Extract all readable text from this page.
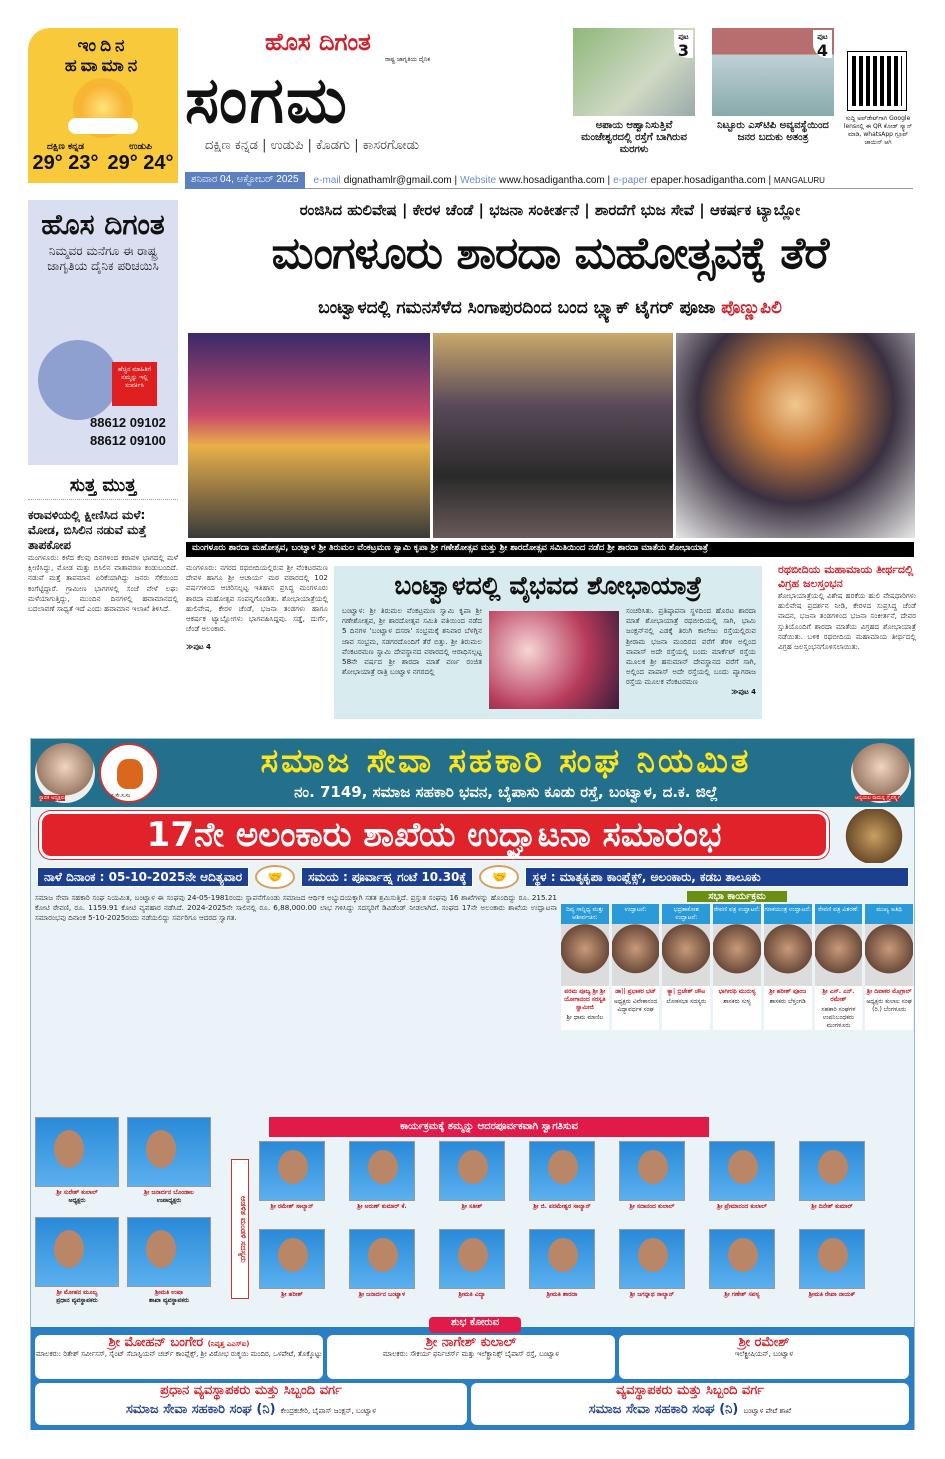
ಇಂದಿನ
ಹವಾಮಾನ
ದಕ್ಷಿಣ ಕನ್ನಡ
29° 23°
ಉಡುಪಿ
29° 24°
ಹೊಸ ದಿಗಂತ
ರಾಷ್ಟ್ರ ಜಾಗೃತಿಯ ದೈನಿಕ
ಸಂಗಮ
ದಕ್ಷಿಣ ಕನ್ನಡ | ಉಡುಪಿ | ಕೊಡಗು | ಕಾಸರಗೋಡು
ಪುಟ
3
ಅಪಾಯ ಆಹ್ವಾನಿಸುತ್ತಿವೆ ಮಂಜೇಶ್ವರದಲ್ಲಿ ರಸ್ತೆಗೆ ಬಾಗಿರುವ ಮರಗಳು
ಪುಟ
4
ನಿಟ್ಟೂರು ಎಸ್‌ಟಿಪಿ ಅವ್ಯವಸ್ಥೆಯಿಂದ ಜನರ ಬದುಕು ಅತಂತ್ರ
ಸುದ್ದಿ ಅಪ್‌ಡೇಟ್‌ಗಾಗಿ Google lensನಲ್ಲಿ ಈ QR ಕೋಡ್ ಸ್ಕ್ಯಾನ್ ಮಾಡಿ, whatsApp ಗ್ರೂಪ್ ಜಾಯಿನ್ ಆಗಿ
ಶನಿವಾರ 04, ಅಕ್ಟೋಬರ್ 2025	e-mail dignathamlr@gmail.com | Website www.hosadigantha.com | e-paper epaper.hosadigantha.com | MANGALURU
ಹೊಸ ದಿಗಂತ
ನಿಮ್ಮವರ ಮನೆಗೂ ಈ ರಾಷ್ಟ್ರ ಜಾಗೃತಿಯ ದೈನಿಕ ಪರಿಚಯಿಸಿ
ಹೆಚ್ಚಿನ ಮಾಹಿತಿಗೆ ನಮ್ಮನ್ನು ಇಲ್ಲಿ ಸಂಪರ್ಕಿಸಿ
88612 09102
88612 09100
ಸುತ್ತ ಮುತ್ತ
ಕರಾವಳಿಯಲ್ಲಿ ಕ್ಷೀಣಿಸಿದ ಮಳೆ: ಮೋಡ, ಬಿಸಿಲಿನ ನಡುವೆ ಮತ್ತೆ ತಾಪಕೋಪ

ಮಂಗಳೂರು: ಕಳೆದ ಕೆಲವು ದಿನಗಳಿಂದ ಕರಾವಳಿ ಭಾಗದಲ್ಲಿ ಮಳೆ ಕ್ಷೀಣಿಸಿದ್ದು, ಮೋಡ ಮತ್ತು ಬಿಸಿಲಿನ ವಾತಾವರಣ ಕಂಡುಬಂದಿದೆ. ನಡುವೆ ಮತ್ತೆ ತಾಪಮಾನ ಏರಿಕೆಯಾಗಿದ್ದು ಜನರು ಸೆಕೆಯಿಂದ ಕಂಗೆಟ್ಟಿದ್ದಾರೆ. ಗ್ರಾಮೀಣ ಭಾಗಗಳಲ್ಲಿ ಸಂಜೆ ವೇಳೆ ಲಘು ಮಳೆಯಾಗುತ್ತಿದ್ದು, ಮುಂದಿನ ದಿನಗಳಲ್ಲಿ ಹವಾಮಾನದಲ್ಲಿ ಬದಲಾವಣೆ ಸಾಧ್ಯತೆ ಇದೆ ಎಂದು ಹವಾಮಾನ ಇಲಾಖೆ ತಿಳಿಸಿದೆ.

ರಂಜಿಸಿದ ಹುಲಿವೇಷ | ಕೇರಳ ಚೆಂಡೆ | ಭಜನಾ ಸಂಕೀರ್ತನೆ | ಶಾರದೆಗೆ ಭುಜ ಸೇವೆ | ಆಕರ್ಷಕ ಟ್ಯಾಬ್ಲೋ
ಮಂಗಳೂರು ಶಾರದಾ ಮಹೋತ್ಸವಕ್ಕೆ ತೆರೆ
ಬಂಟ್ವಾಳದಲ್ಲಿ ಗಮನಸೆಳೆದ ಸಿಂಗಾಪುರದಿಂದ ಬಂದ ಬ್ಲ್ಯಾಕ್ ಟೈಗರ್ ಪೂಜಾ ಪೊಣ್ಣುಪಿಲಿ
ಮಂಗಳೂರು ಶಾರದಾ ಮಹೋತ್ಸವ, ಬಂಟ್ವಾಳ ಶ್ರೀ ತಿರುಮಲ ವೆಂಕಟ್ರಮಣ ಸ್ವಾಮಿ ಕೃಪಾ ಶ್ರೀ ಗಣೇಶೋತ್ಸವ ಮತ್ತು ಶ್ರೀ ಶಾರದೋತ್ಸವ ಸಮಿತಿಯಿಂದ ನಡೆದ ಶ್ರೀ ಶಾರದಾ ಮಾತೆಯ ಶೋಭಾಯಾತ್ರೆ

ಮಂಗಳೂರು: ನಗರದ ರಥಬೀದಿಯಲ್ಲಿರುವ ಶ್ರೀ ವೆಂಕಟರಮಣ ದೇವಳ ಹಾಗೂ ಶ್ರೀ ಆಚಾರ್ಯ ಮಠ ವಠಾರದಲ್ಲಿ 102 ವರ್ಷಗಳಿಂದ ಆಚರಿಸಲ್ಪಟ್ಟ ಇತಿಹಾಸ ಪ್ರಸಿದ್ಧ ಮಂಗಳೂರು ಶಾರದಾ ಮಹೋತ್ಸವ ಸಂಪನ್ನಗೊಂಡಿತು. ಶೋಭಾಯಾತ್ರೆಯಲ್ಲಿ ಹುಲಿವೇಷ, ಕೇರಳ ಚೆಂಡೆ, ಭಜನಾ ತಂಡಗಳು ಹಾಗೂ ಆಕರ್ಷಕ ಟ್ಯಾಬ್ಲೋಗಳು ಭಾಗವಹಿಸಿದ್ದವು. ಸಡ್ಡೆ, ದುರ್ಗೆ, ಚೆಂಡೆ ಅಲಂಕಾರ.

≫ಪುಟ 4
ಬಂಟ್ವಾಳದಲ್ಲಿ ವೈಭವದ ಶೋಭಾಯಾತ್ರೆ

ಬಂಟ್ವಾಳ: ಶ್ರೀ ತಿರುಮಲ ವೆಂಕಟ್ರಮಣ ಸ್ವಾಮಿ ಕೃಪಾ ಶ್ರೀ ಗಣೇಶೋತ್ಸವ, ಶ್ರೀ ಶಾರದೋತ್ಸವ ಸಮಿತಿ ವತಿಯಿಂದ ನಡೆದ 5 ದಿನಗಳ 'ಬಂಟ್ವಾಳ ದಸರಾ' ಸಂಭ್ರಮಕ್ಕೆ ಶನಿವಾರ ಬೆಳಗ್ಗಿನ ಜಾವ ಸಂಭ್ರಮ, ಸಡಗರದೊಂದಿಗೆ ತೆರೆ ಬಿತ್ತು. ಶ್ರೀ ತಿರುಮಲ ವೆಂಕಟರಮಣ ಸ್ವಾಮಿ ದೇವಸ್ಥಾನದ ವಠಾರದಲ್ಲಿ ಆರಾಧಿಸಲ್ಪಟ್ಟ 58ನೇ ವರ್ಷದ ಶ್ರೀ ಶಾರದಾ ಮಾತೆ ವರ್ಣ ರಂಜಿತ ಶೋಭಾಯಾತ್ರೆ ರಾತ್ರಿ ಬಂಟ್ವಾಳ ನಗರದಲ್ಲಿ

ಸಂಚರಿಸಿತು. ಪ್ರತಿಷ್ಠಾಪನಾ ಸ್ಥಳದಿಂದ ಹೊರಟ ಶಾರದಾ ಮಾತೆ ಶೋಭಾಯಾತ್ರೆ ರಥಬೀದಿಯಲ್ಲಿ ಸಾಗಿ, ಭಾಮಿ ಜಂಕ್ಷನ್‌ನಲ್ಲಿ ಎಡಕ್ಕೆ ತಿರುಗಿ ಕಾಲೇಜು ರಸ್ತೆಯಲ್ಲಿರುವ ಶ್ರೀರಾಮ ಭಜನಾ ಮಂದಿರದ ವರೆಗೆ ತೆರಳಿ ಅಲ್ಲಿಂದ ವಾಪಾಸ್ ಅದೇ ರಸ್ತೆಯಲ್ಲಿ ಬಂದು ಮಾರ್ಕೆಟ್ ರಸ್ತೆಯ ಮೂಲಕ ಶ್ರೀ ಹನುಮಾನ್ ದೇವಸ್ಥಾನದ ವರೆಗೆ ಸಾಗಿ, ಅಲ್ಲಿಂದ ವಾಪಾಸ್ ಅದೇ ರಸ್ತೆಯಲ್ಲಿ ಬಂದು ಪ್ಯಾಗರಾಜ ರಸ್ತೆಯ ಮೂಲಕ ವೆಂಕಟರಮಣ

≫ಪುಟ 4
ರಥಬೀದಿಯ ಮಹಾಮಾಯ ತೀರ್ಥದಲ್ಲಿ ವಿಗ್ರಹ ಜಲಸ್ತಂಭನ

ಶೋಭಾಯಾತ್ರೆಯಲ್ಲಿ ವಿಶೇಷ ಹರಕೆಯ ಹುಲಿ ವೇಷಧಾರಿಗಳು ಹುಲಿವೇಷ ಪ್ರದರ್ಶನ ನೀಡಿ, ಕೇರಳದ ಸುಪ್ರಸಿದ್ಧ ಚೆಂಡೆ ವಾದನ, ಭಜನಾ ತಂಡಗಳಿಂದ ಭಜನಾ ಸಂಕೀರ್ತನೆ, ದೇವರ ಸ್ತುತಿಯೊಂದಿಗೆ ಶಾರದಾ ಮಾತೆಯ ವಿಗ್ರಹದ ಶೋಭಾಯಾತ್ರೆ ನಡೆಯಿತು. ಬಳಿಕ ರಥಬೀದಿಯ ಮಹಾಮಾಯ ತೀರ್ಥದಲ್ಲಿ ವಿಗ್ರಹ ಜಲಸ್ತಂಭನಗೊಳಿಸಲಾಯಿತು.

ಸ್ಥಾಪಕ ಅಧ್ಯಕ್ಷರು	ಸ.ಸೇ.ಸ.ಸಂ
ಸಮಾಜ ಸೇವಾ ಸಹಕಾರಿ ಸಂಘ ನಿಯಮಿತ
ನಂ. 7149, ಸಮಾಜ ಸಹಕಾರಿ ಭವನ, ಬೈಪಾಸು ಕೂಡು ರಸ್ತೆ, ಬಂಟ್ವಾಳ, ದ.ಕ. ಜಿಲ್ಲೆ	ಆದ್ಯಯಲ ರಾಮನ್ನ ಗ್ರೈನರ್ಸ್ಕ್ಸ
17ನೇ ಅಲಂಕಾರು ಶಾಖೆಯ ಉದ್ಘಾಟನಾ ಸಮಾರಂಭ
ನಾಳೆ ದಿನಾಂಕ : 05-10-2025ನೇ ಆದಿತ್ಯವಾರ	🤝	ಸಮಯ : ಪೂರ್ವಾಹ್ನ ಗಂಟೆ 10.30ಕ್ಕೆ	🤝	ಸ್ಥಳ : ಮಾತೃಕೃಪಾ ಕಾಂಪ್ಲೆಕ್ಸ್, ಅಲಂಕಾರು, ಕಡಬ ತಾಲೂಕು

ಸಮಾಜ ಸೇವಾ ಸಹಕಾರಿ ಸಂಘ ನಿಯಮಿತ, ಬಂಟ್ವಾಳ ಈ ಸಂಘವು 24-05-1981ರಂದು ಸ್ಥಾಪನೆಗೊಂಡು ಸಮಾಜದ ಆರ್ಥಿಕ ಅಭ್ಯುದಯಕ್ಕಾಗಿ ಸತತ ಶ್ರಮಿಸುತ್ತಿದೆ. ಪ್ರಸ್ತುತ ಸಂಘವು 16 ಶಾಖೆಗಳನ್ನು ಹೊಂದಿದ್ದು ರೂ. 215.21 ಕೋಟಿ ಠೇವಣಿ, ರೂ. 1159.91 ಕೋಟಿ ವ್ಯವಹಾರ ನಡೆಸಿದೆ. 2024-2025ನೇ ಸಾಲಿನಲ್ಲಿ ರೂ. 6,88,000.00 ಲಾಭ ಗಳಿಸಿದ್ದು ಸದಸ್ಯರಿಗೆ ಡಿವಿಡೆಂಡ್ ನೀಡಲಾಗಿದೆ. ಸಂಘದ 17ನೇ ಅಲಂಕಾರು ಶಾಖೆಯ ಉದ್ಘಾಟನಾ ಸಮಾರಂಭವು ದಿನಾಂಕ 5-10-2025ರಂದು ನಡೆಯಲಿದ್ದು ಸರ್ವರಿಗೂ ಆದರದ ಸ್ವಾಗತ.

ಸಭಾ ಕಾರ್ಯಕ್ರಮ
ದಿವ್ಯ ಸಾನ್ನಿಧ್ಯ ಮತ್ತು ಆಶೀರ್ವಚನ:
ಪರಮ ಪೂಜ್ಯ ಶ್ರೀ ಶ್ರೀ ಯೋಗಾನಂದ ಸರಸ್ವತಿ ಸ್ವಾಮೀಜಿ
ಶ್ರೀ ಧಾಮ ಮಾಣಿಲ
ಉದ್ಘಾಟನೆ:
ಡಾ|| ಪ್ರಭಾಕರ ಭಟ್
ಅಧ್ಯಕ್ಷರು ವಿವೇಕಾನಂದ ವಿದ್ಯಾವರ್ಧಕ ಸಂಘ
ಭದ್ರತಾಕೋಶ ಉದ್ಘಾಟನೆ:
ಕ್ಯಾ| ಬ್ರಿಜೇಶ್ ಚೌಟ
ಲೋಕಸಭಾ ಸದಸ್ಯರು
ಠೇವಣಿ ಪತ್ರ ಉದ್ಘಾಟನೆ:
ಭಾಗೀರಥಿ ಮುರುಳ್ಯ
ಶಾಸಕರು ಸುಳ್ಯ
ಗಣಕಯಂತ್ರ ಉದ್ಘಾಟನೆ:
ಶ್ರೀ ಹರೀಶ್ ಪೂಂಜ
ಶಾಸಕರು ಬೆಳ್ತಂಗಡಿ
ಠೇವಣಿ ಪತ್ರ ವಿತರಣೆ:
ಶ್ರೀ ಎಸ್. ಎನ್. ರಮೇಶ್
ಸಹಕಾರಿ ಸಂಘಗಳ ಉಪನಿಬಂಧಕರು ಮಂಗಳೂರು
ಮುಖ್ಯ ಅತಿಥಿ
ಶ್ರೀ ದಿವಾಕರ ಮೊಗ್ರಾಲ್
ಅಧ್ಯಕ್ಷರು ಕುಲಾಲ ಸಂಘ (ರಿ.) ಬೆಂಗಳೂರು
ಶ್ರೀ ಸುರೇಶ್ ಕುಲಾಲ್
ಅಧ್ಯಕ್ಷರು
ಶ್ರೀ ಜನಾರ್ದನ ಬೊಂಡಾಲ
ಉಪಾಧ್ಯಕ್ಷರು
ಶ್ರೀ ಮೋಹನ ಮೂಲ್ಯ
ಪ್ರಧಾನ ವ್ಯವಸ್ಥಾಪಕರು
ಶ್ರೀಮತಿ ಉಷಾ
ಶಾಖಾ ವ್ಯವಸ್ಥಾಪಕರು
ಕಾರ್ಯಕ್ರಮಕ್ಕೆ ತಮ್ಮನ್ನು ಆದರಪೂರ್ವಕವಾಗಿ ಸ್ವಾಗತಿಸುವ
ಆಡಳಿತ ಮಂಡಳಿ ಸದಸ್ಯರು	ಶ್ರೀ ರಮೇಶ್ ಸಾಲ್ಯಾನ್	ಶ್ರೀ ಅರುಣ್ ಕುಮಾರ್ ಕೆ.	ಶ್ರೀ ಸತೀಶ್	ಶ್ರೀ ಜಿ. ಪರಮೇಶ್ವರ ಸಾಲ್ಯಾನ್	ಶ್ರೀ ಸದಾನಂದ ಕುಲಾಲ್	ಶ್ರೀ ಪ್ರೇಮಾನಂದ ಕುಲಾಲ್	ಶ್ರೀ ದಿನೇಶ್ ಕುಮಾರ್
ಶ್ರೀ ಹರೀಶ್	ಶ್ರೀ ಜನಾರ್ದನ ಬಂಟ್ವಾಳ	ಶ್ರೀಮತಿ ವಿದ್ಯಾ	ಶ್ರೀಮತಿ ಶಾರದಾ	ಶ್ರೀ ಜಗನ್ನಾಥ ಸಾಲ್ಯಾನ್	ಶ್ರೀ ಗಣೇಶ್ ಸಪಳ್ಯ	ಶ್ರೀಮತಿ ರೇಖಾ ನಾಯಕ್
ಶ್ರೀ ಮೋಹನ್ ಬಂಗೇರ (ನಿವೃತ್ತ ಎಎಸ್‌ಐ)
ಮಾಲಕರು: ರಿತೇಶ್ ಸರ್ವೀಸಸ್, ಸೈಂಟ್ ಸೆಬಾಸ್ಟಿಯನ್ ಚರ್ಚ್ ಕಾಂಪ್ಲೆಕ್ಸ್, ಶ್ರೀ ವಿಠೋಭ ರುಕ್ಮಯಿ ಮಂದಿರ, ಒಳಪೇಟೆ, ತೊಕ್ಕೊಟ್ಟು
ಶ್ರೀ ನಾಗೇಶ್ ಕುಲಾಲ್
ಮಾಲಕರು: ಸೌಕರ್ಯ ಫರ್ನಿಚರ್ಸ್ ಮತ್ತು ಇಲೆಕ್ಟ್ರಾನಿಕ್ಸ್ ಬೈಪಾಸ್ ರಸ್ತೆ, ಬಂಟ್ವಾಳ
ಶ್ರೀ ರಮೇಶ್
ಇಲೆಕ್ಟ್ರೀಷಿಯನ್, ಬಂಟ್ವಾಳ
ಪ್ರಧಾನ ವ್ಯವಸ್ಥಾಪಕರು ಮತ್ತು ಸಿಬ್ಬಂದಿ ವರ್ಗ
ಸಮಾಜ ಸೇವಾ ಸಹಕಾರಿ ಸಂಘ (ನಿ) ಕೇಂದ್ರಕಚೇರಿ, ಬೈಪಾಸ್ ಜಂಕ್ಷನ್, ಬಂಟ್ವಾಳ
ವ್ಯವಸ್ಥಾಪಕರು ಮತ್ತು ಸಿಬ್ಬಂದಿ ವರ್ಗ
ಸಮಾಜ ಸೇವಾ ಸಹಕಾರಿ ಸಂಘ (ನಿ) ಬಂಟ್ವಾಳ ಪೇಟೆ ಶಾಖೆ
ಶುಭ ಕೋರುವ
